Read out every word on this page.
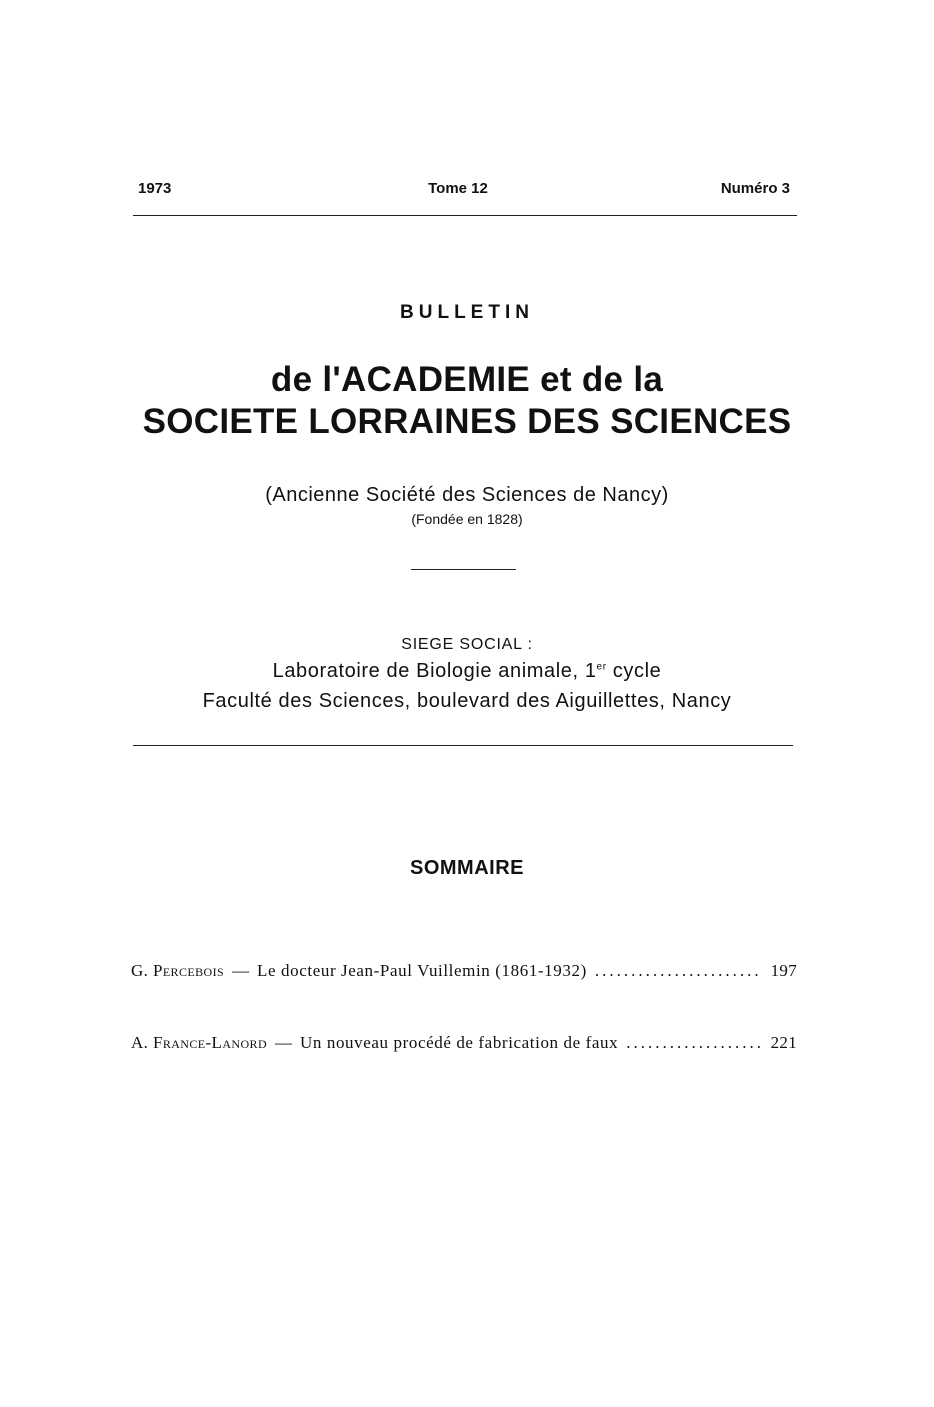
1973	Tome 12	Numéro 3
BULLETIN
de l'ACADEMIE et de la
SOCIETE LORRAINES DES SCIENCES
(Ancienne Société des Sciences de Nancy)
(Fondée en 1828)
SIEGE SOCIAL :
Laboratoire de Biologie animale, 1er cycle
Faculté des Sciences, boulevard des Aiguillettes, Nancy
SOMMAIRE
G. Percebois — Le docteur Jean-Paul Vuillemin (1861-1932) .....	197
A. France-Lanord — Un nouveau procédé de fabrication de faux .....	221
